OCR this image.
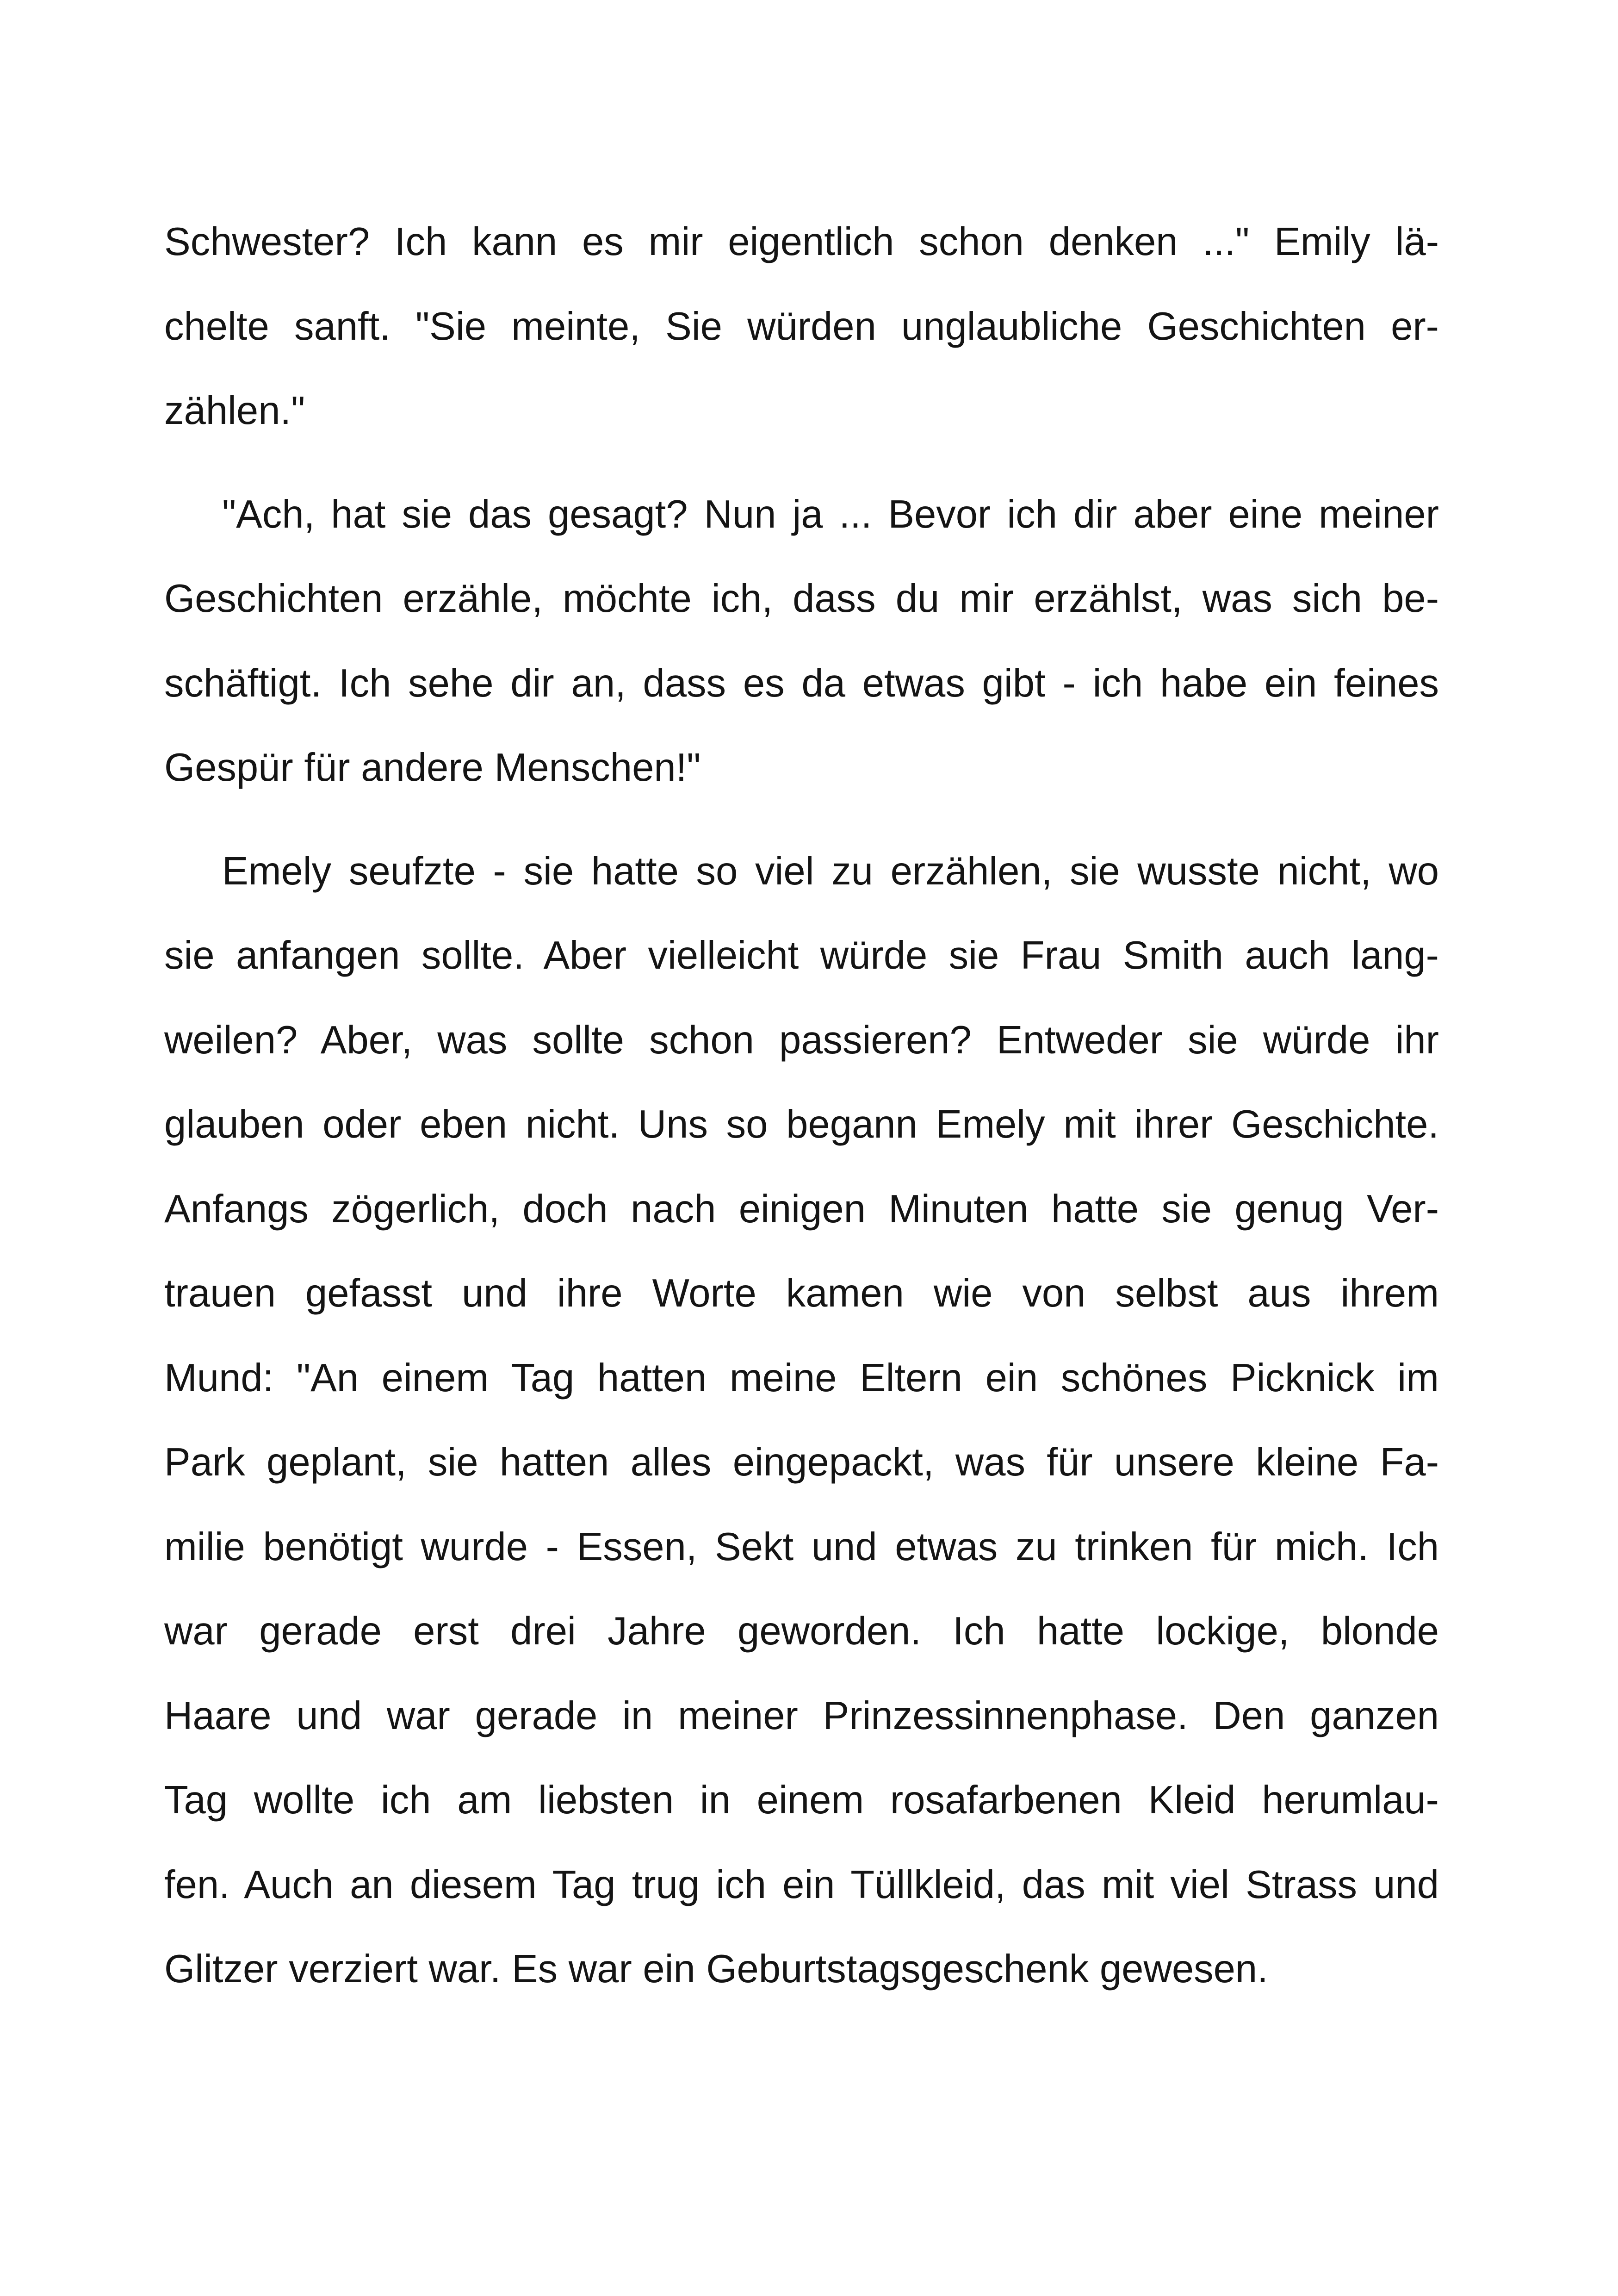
Schwester? Ich kann es mir eigentlich schon denken ..." Emily lä-
chelte sanft. "Sie meinte, Sie würden unglaubliche Geschichten er-
zählen."

"Ach, hat sie das gesagt? Nun ja ... Bevor ich dir aber eine meiner
Geschichten erzähle, möchte ich, dass du mir erzählst, was sich be-
schäftigt. Ich sehe dir an, dass es da etwas gibt - ich habe ein feines
Gespür für andere Menschen!"

Emely seufzte - sie hatte so viel zu erzählen, sie wusste nicht, wo
sie anfangen sollte. Aber vielleicht würde sie Frau Smith auch lang-
weilen? Aber, was sollte schon passieren? Entweder sie würde ihr
glauben oder eben nicht. Uns so begann Emely mit ihrer Geschichte.
Anfangs zögerlich, doch nach einigen Minuten hatte sie genug Ver-
trauen gefasst und ihre Worte kamen wie von selbst aus ihrem
Mund: "An einem Tag hatten meine Eltern ein schönes Picknick im
Park geplant, sie hatten alles eingepackt, was für unsere kleine Fa-
milie benötigt wurde - Essen, Sekt und etwas zu trinken für mich. Ich
war gerade erst drei Jahre geworden. Ich hatte lockige, blonde
Haare und war gerade in meiner Prinzessinnenphase. Den ganzen
Tag wollte ich am liebsten in einem rosafarbenen Kleid herumlau-
fen. Auch an diesem Tag trug ich ein Tüllkleid, das mit viel Strass und
Glitzer verziert war. Es war ein Geburtstagsgeschenk gewesen.
